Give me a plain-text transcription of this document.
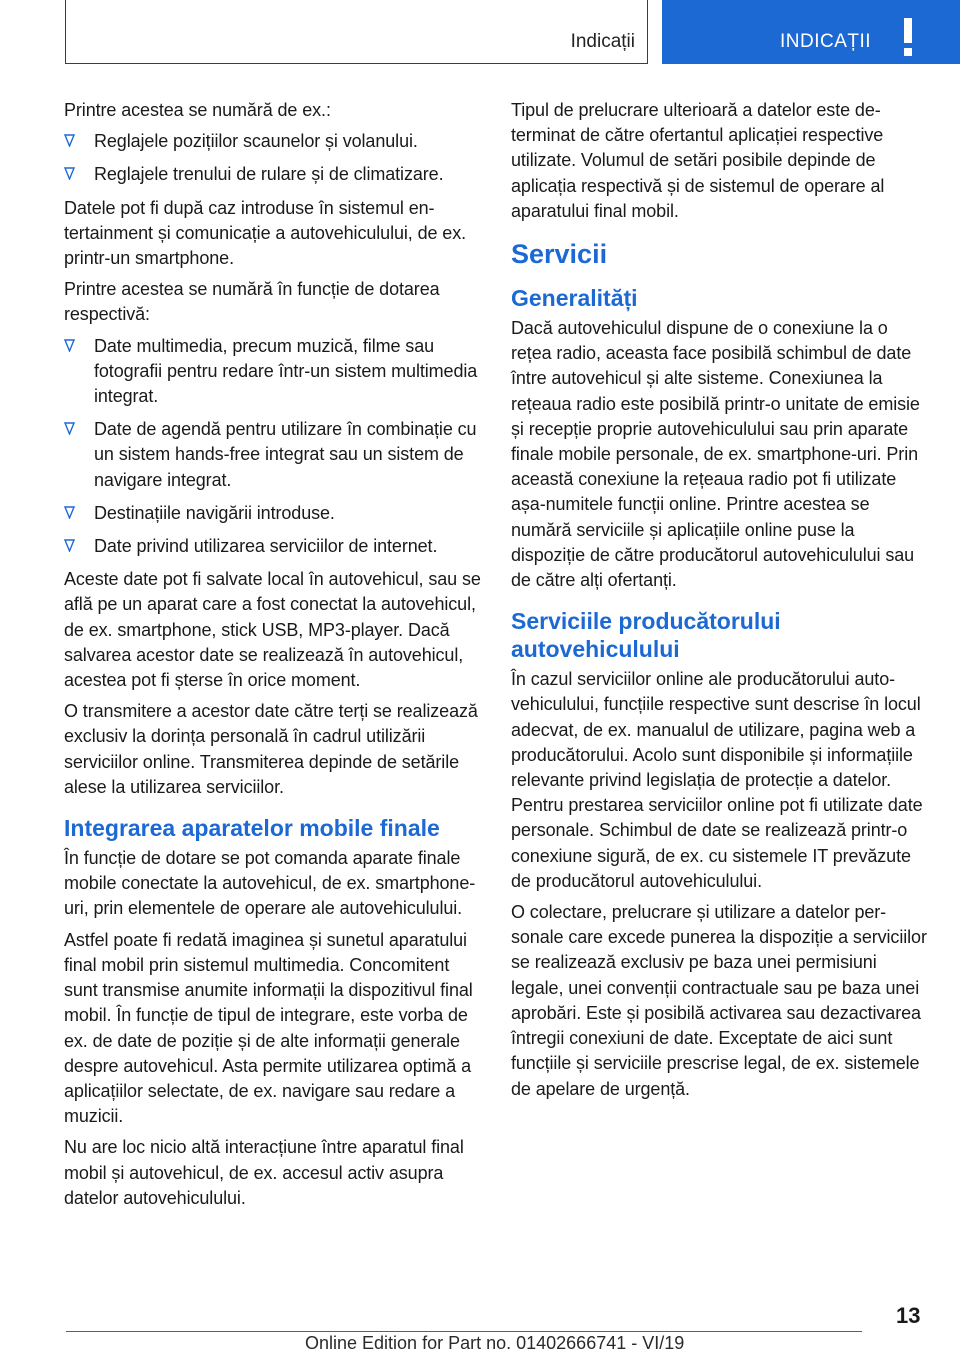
Indicații	INDICAȚII

Printre acestea se numără de ex.:

Reglajele pozițiilor scaunelor și volanului.
Reglajele trenului de rulare și de climatizare.

Datele pot fi după caz introduse în sistemul entertainment și comunicație a autovehiculului, de ex. printr-un smartphone.

Printre acestea se numără în funcție de dotarea respectivă:

Date multimedia, precum muzică, filme sau fotografii pentru redare într-un sistem multimedia integrat.
Date de agendă pentru utilizare în combinație cu un sistem hands-free integrat sau un sistem de navigare integrat.
Destinațiile navigării introduse.
Date privind utilizarea serviciilor de internet.

Aceste date pot fi salvate local în autovehicul, sau se află pe un aparat care a fost conectat la autovehicul, de ex. smartphone, stick USB, MP3-player. Dacă salvarea acestor date se realizează în autovehicul, acestea pot fi șterse în orice moment.

O transmitere a acestor date către terți se realizează exclusiv la dorința personală în cadrul utilizării serviciilor online. Transmiterea depinde de setările alese la utilizarea serviciilor.

Integrarea aparatelor mobile finale

În funcție de dotare se pot comanda aparate finale mobile conectate la autovehicul, de ex. smartphone-uri, prin elementele de operare ale autovehiculului.

Astfel poate fi redată imaginea și sunetul aparatului final mobil prin sistemul multimedia. Concomitent sunt transmise anumite informații la dispozitivul final mobil. În funcție de tipul de integrare, este vorba de ex. de date de poziție și de alte informații generale despre autovehicul. Asta permite utilizarea optimă a aplicațiilor selectate, de ex. navigare sau redare a muzicii.

Nu are loc nicio altă interacțiune între aparatul final mobil și autovehicul, de ex. accesul activ asupra datelor autovehiculului.

Tipul de prelucrare ulterioară a datelor este determinat de către ofertantul aplicației respective utilizate. Volumul de setări posibile depinde de aplicația respectivă și de sistemul de operare al aparatului final mobil.

Servicii
Generalități

Dacă autovehiculul dispune de o conexiune la o rețea radio, aceasta face posibilă schimbul de date între autovehicul și alte sisteme. Conexiunea la rețeaua radio este posibilă printr-o unitate de emisie și recepție proprie autovehiculului sau prin aparate finale mobile personale, de ex. smartphone-uri. Prin această conexiune la rețeaua radio pot fi utilizate așa-numitele funcții online. Printre acestea se numără serviciile și aplicațiile online puse la dispoziție de către producătorul autovehiculului sau de către alți ofertanți.

Serviciile producătorului autovehiculului

În cazul serviciilor online ale producătorului autovehiculului, funcțiile respective sunt descrise în locul adecvat, de ex. manualul de utilizare, pagina web a producătorului. Acolo sunt disponibile și informațiile relevante privind legislația de protecție a datelor. Pentru prestarea serviciilor online pot fi utilizate date personale. Schimbul de date se realizează printr-o conexiune sigură, de ex. cu sistemele IT prevăzute de producătorul autovehiculului.

O colectare, prelucrare și utilizare a datelor personale care excede punerea la dispoziție a serviciilor se realizează exclusiv pe baza unei permisiuni legale, unei convenții contractuale sau pe baza unei aprobări. Este și posibilă activarea sau dezactivarea întregii conexiuni de date. Exceptate de aici sunt funcțiile și serviciile prescrise legal, de ex. sistemele de apelare de urgență.

13
Online Edition for Part no. 01402666741 - VI/19
